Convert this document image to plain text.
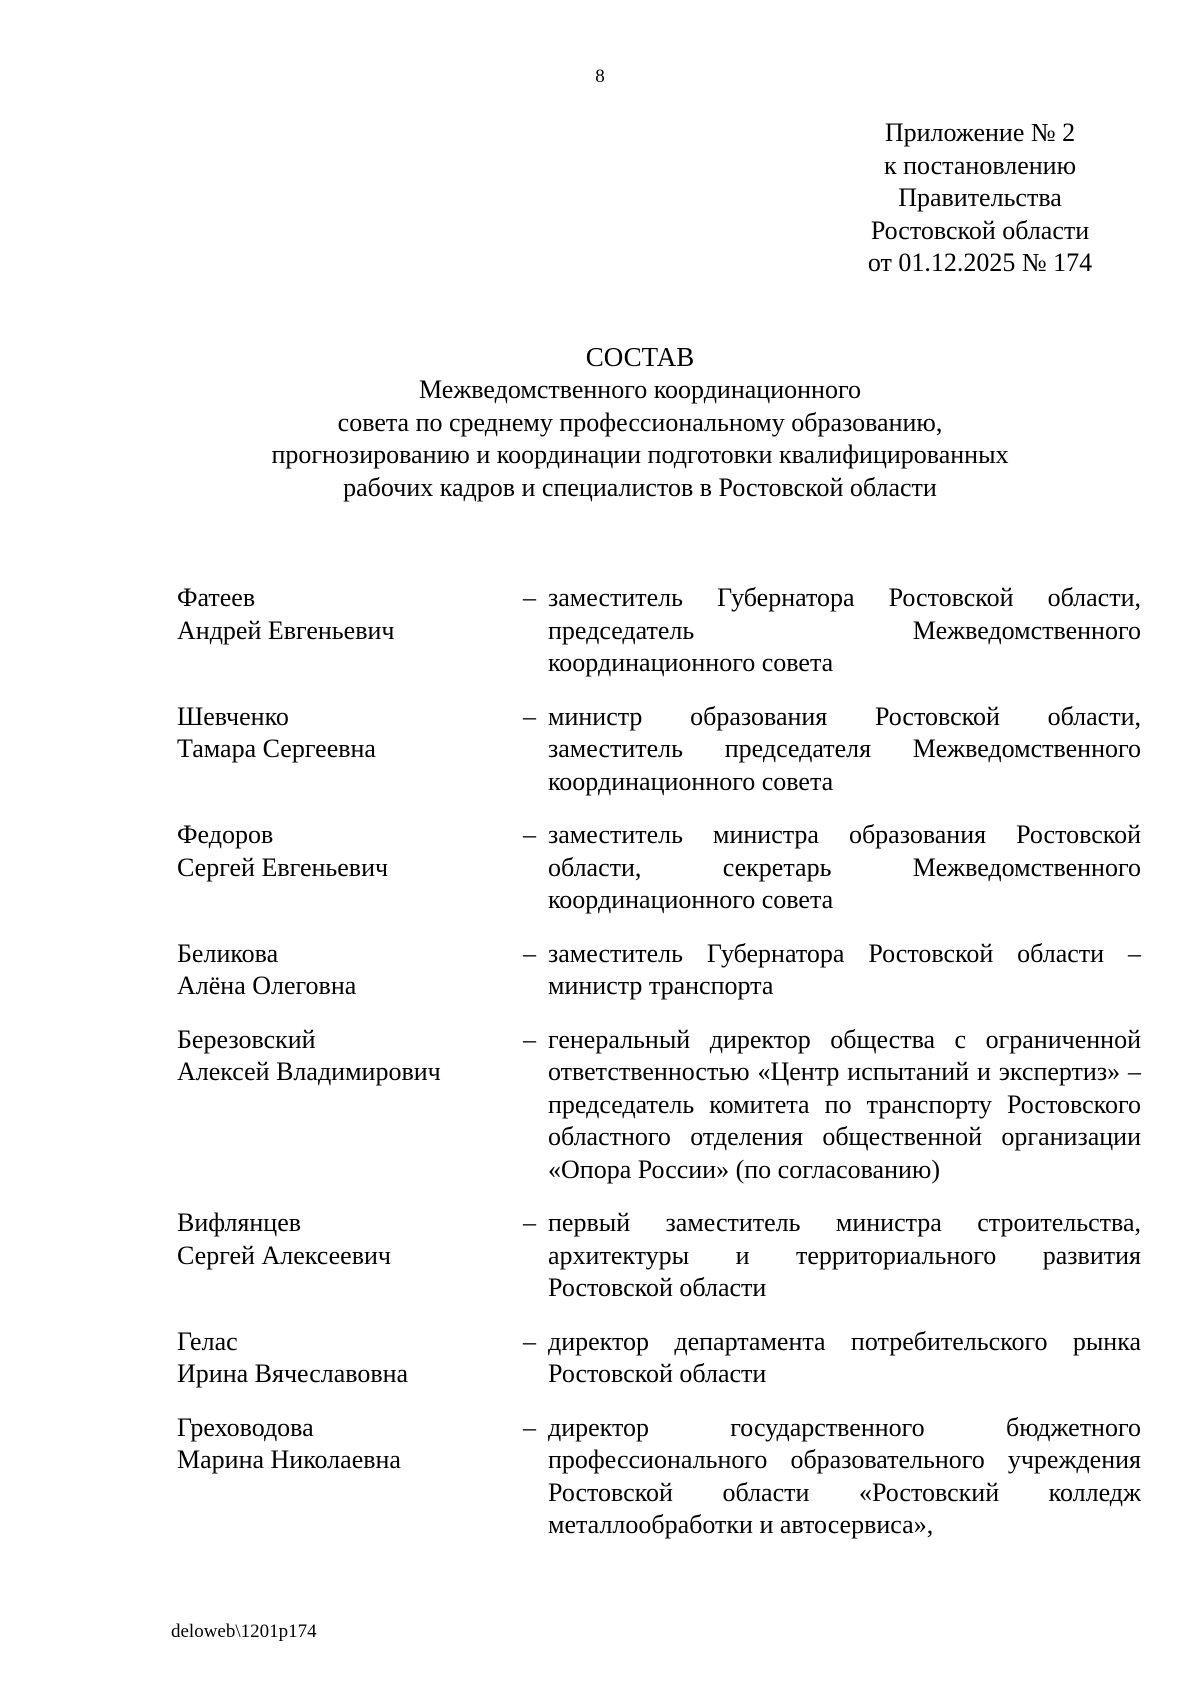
8
Приложение № 2
к постановлению
Правительства
Ростовской области
от 01.12.2025 № 174
СОСТАВ
Межведомственного координационного
совета по среднему профессиональному образованию,
прогнозированию и координации подготовки квалифицированных
рабочих кадров и специалистов в Ростовской области
Фатеев
Андрей Евгеньевич
– заместитель Губернатора Ростовской области, председатель Межведомственного координационного совета
Шевченко
Тамара Сергеевна
– министр образования Ростовской области, заместитель председателя Межведомственного координационного совета
Федоров
Сергей Евгеньевич
– заместитель министра образования Ростовской области, секретарь Межведомственного координационного совета
Беликова
Алёна Олеговна
– заместитель Губернатора Ростовской области – министр транспорта
Березовский
Алексей Владимирович
– генеральный директор общества с ограниченной ответственностью «Центр испытаний и экспертиз» – председатель комитета по транспорту Ростовского областного отделения общественной организации «Опора России» (по согласованию)
Вифлянцев
Сергей Алексеевич
– первый заместитель министра строительства, архитектуры и территориального развития Ростовской области
Гелас
Ирина Вячеславовна
– директор департамента потребительского рынка Ростовской области
Греховодова
Марина Николаевна
– директор государственного бюджетного профессионального образовательного учреждения Ростовской области «Ростовский колледж металлообработки и автосервиса»,
deloweb\1201p174
